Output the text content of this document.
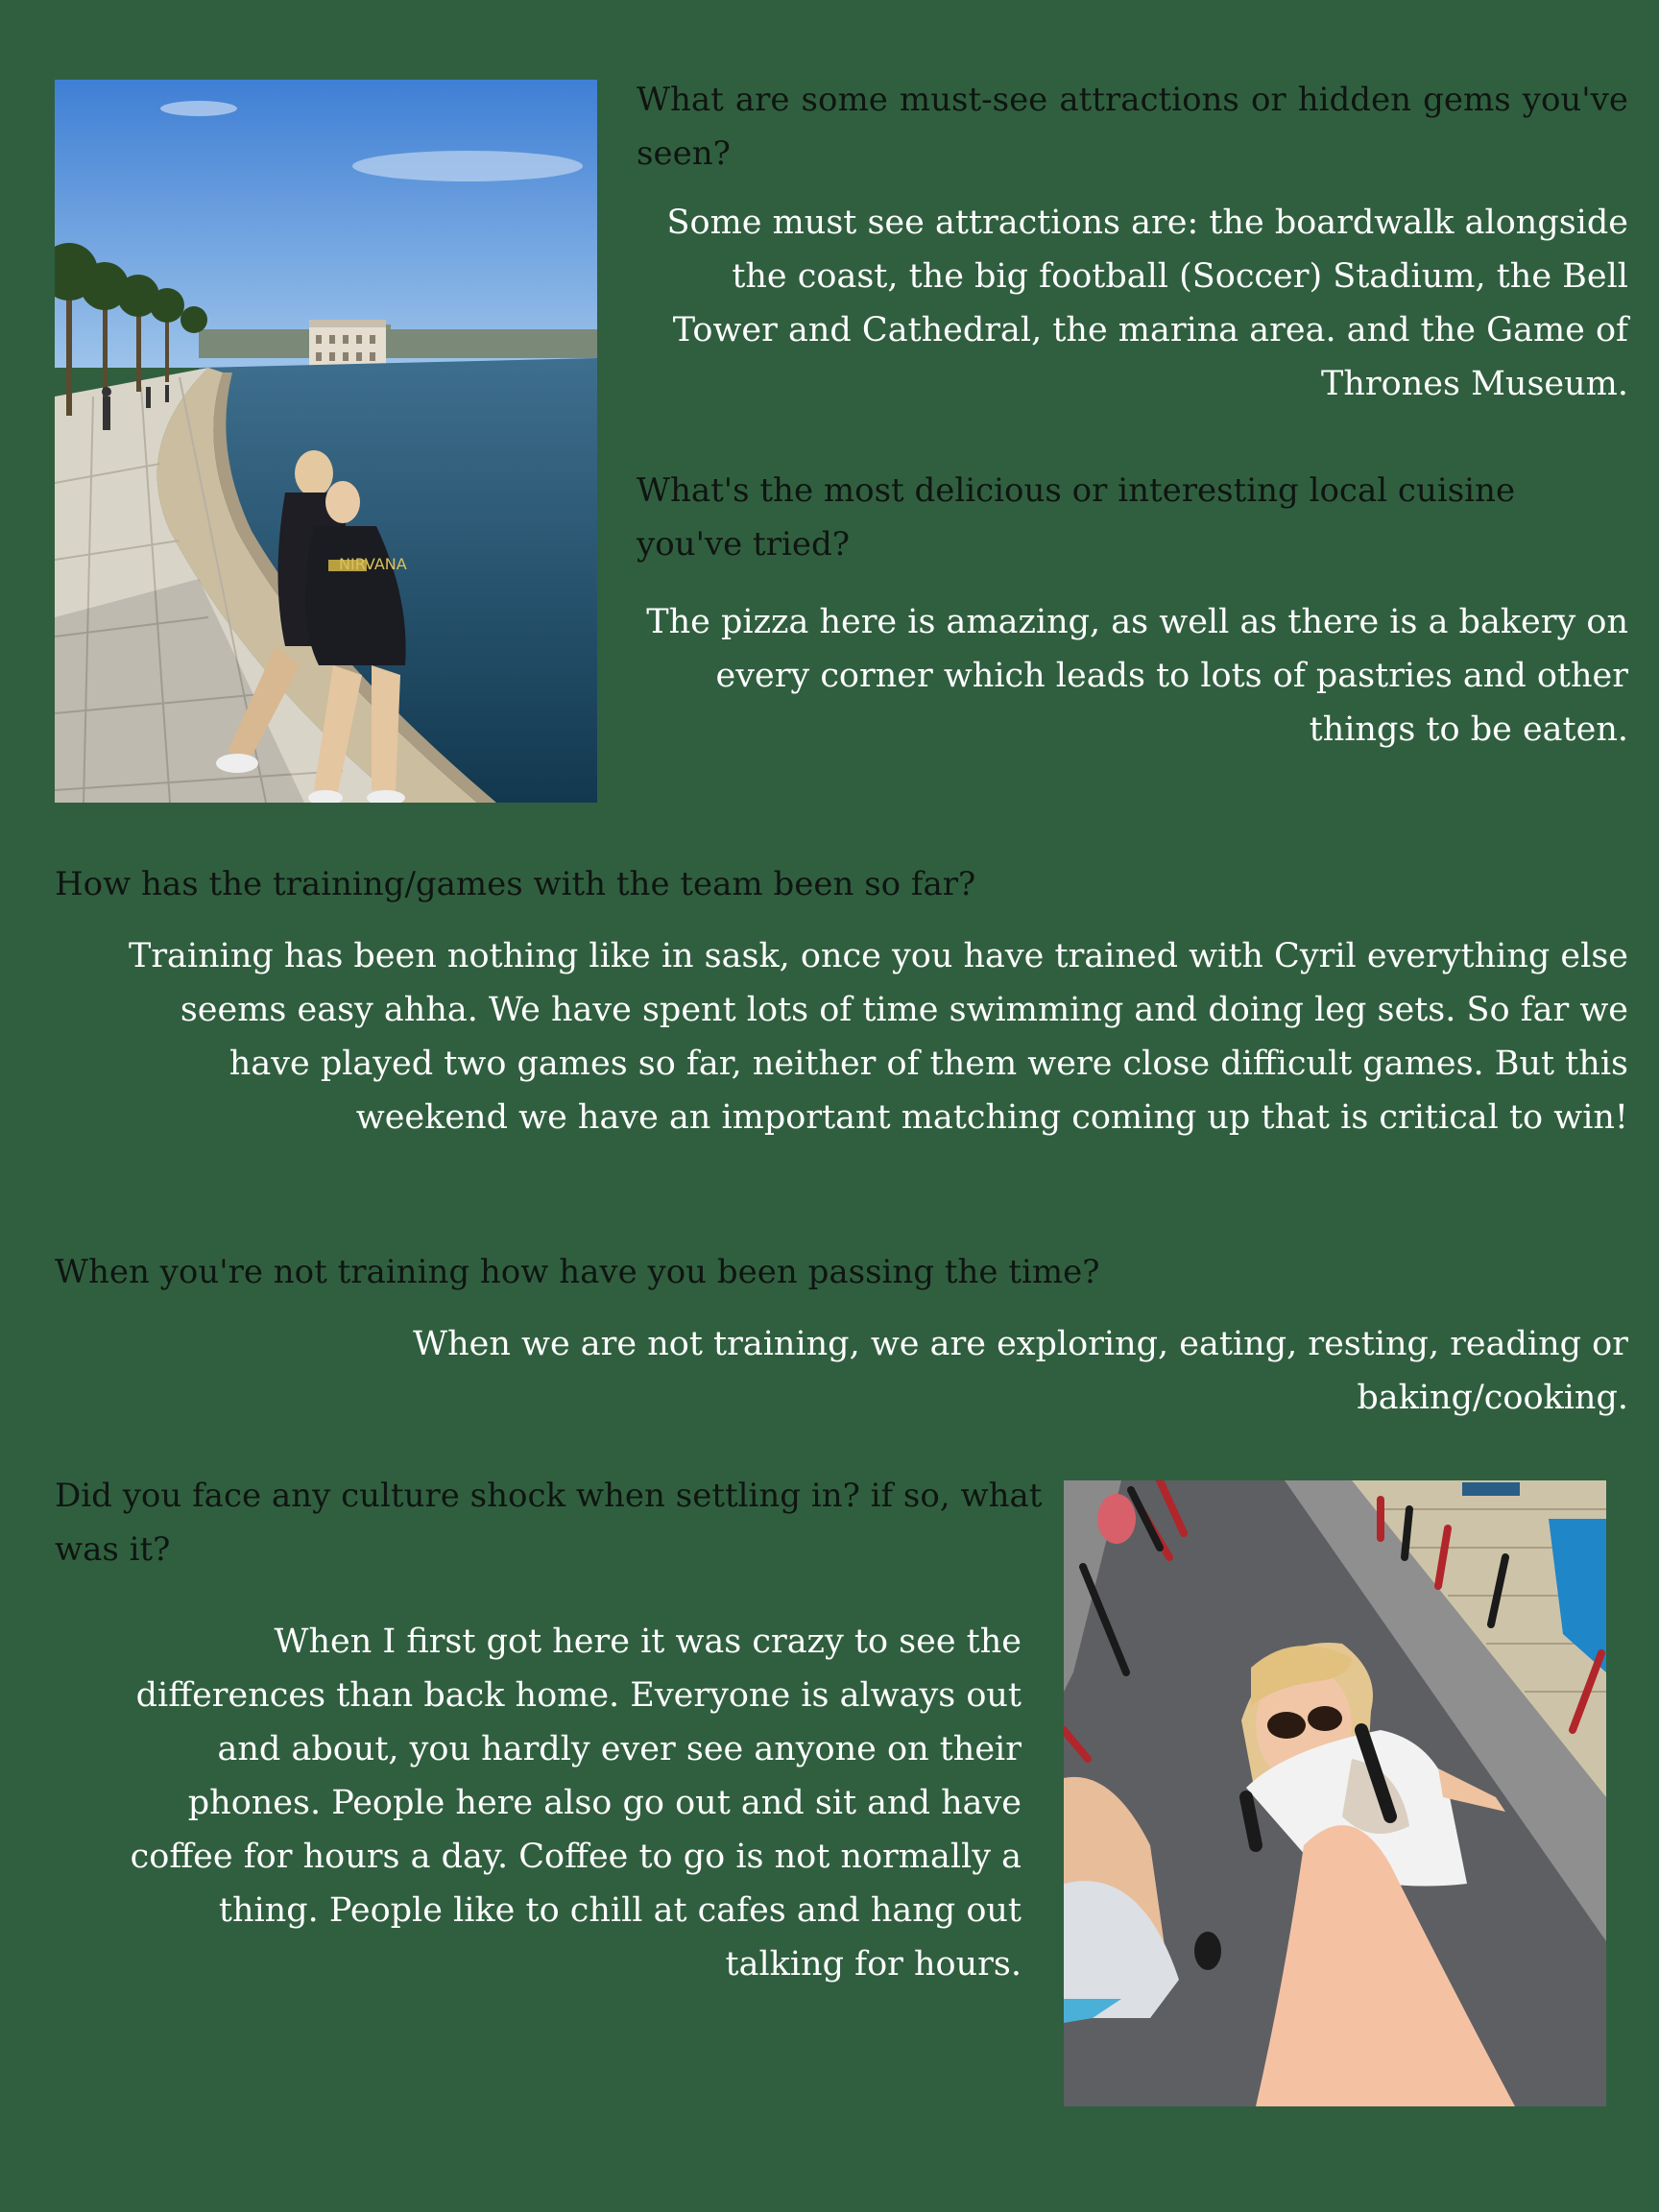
NIRVANA
What are some must-see attractions or hidden gems you've seen?

Some must see attractions are: the boardwalk alongside the coast, the big football (Soccer) Stadium, the Bell Tower and Cathedral, the marina area. and the Game of Thrones Museum.

What's the most delicious or interesting local cuisine you've tried?

The pizza here is amazing, as well as there is a bakery on every corner which leads to lots of pastries and other things to be eaten.

How has the training/games with the team been so far?

Training has been nothing like in sask, once you have trained with Cyril everything else seems easy ahha. We have spent lots of time swimming and doing leg sets. So far we have played two games so far, neither of them were close difficult games. But this weekend we have an important matching coming up that is critical to win!

When you're not training how have you been passing the time?

When we are not training, we are exploring, eating, resting, reading or baking/cooking.

Did you face any culture shock when settling in? if so, what was it?

When I first got here it was crazy to see the differences than back home. Everyone is always out and about, you hardly ever see anyone on their phones. People here also go out and sit and have coffee for hours a day. Coffee to go is not normally a thing. People like to chill at cafes and hang out talking for hours.
